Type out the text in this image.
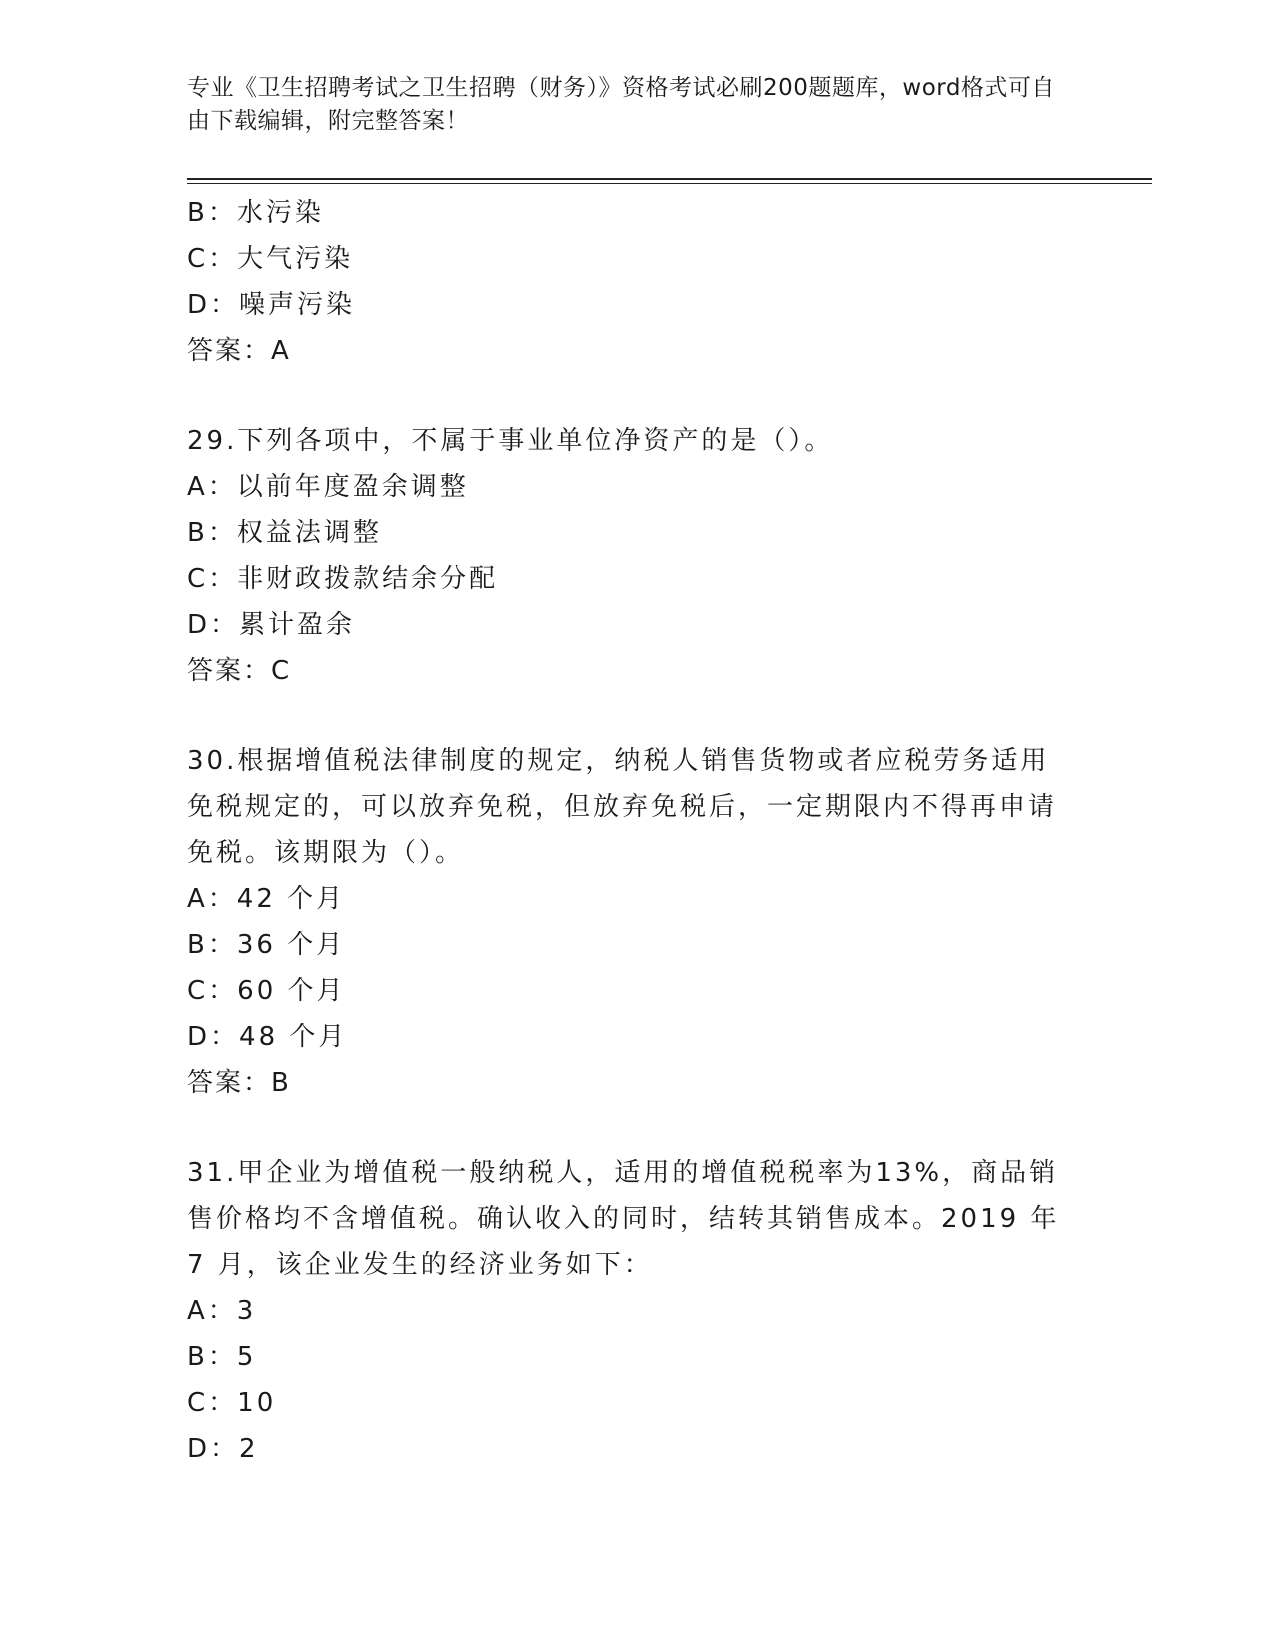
专业《卫生招聘考试之卫生招聘（财务）》资格考试必刷200题题库，word格式可自由下载编辑，附完整答案！
B：水污染
C：大气污染
D：噪声污染
答案：A
29.下列各项中，不属于事业单位净资产的是（）。
A：以前年度盈余调整
B：权益法调整
C：非财政拨款结余分配
D：累计盈余
答案：C
30.根据增值税法律制度的规定，纳税人销售货物或者应税劳务适用免税规定的，可以放弃免税，但放弃免税后，一定期限内不得再申请免税。该期限为（）。
A：42 个月
B：36 个月
C：60 个月
D：48 个月
答案：B
31.甲企业为增值税一般纳税人，适用的增值税税率为13%，商品销售价格均不含增值税。确认收入的同时，结转其销售成本。2019 年 7 月，该企业发生的经济业务如下：
A：3
B：5
C：10
D：2
